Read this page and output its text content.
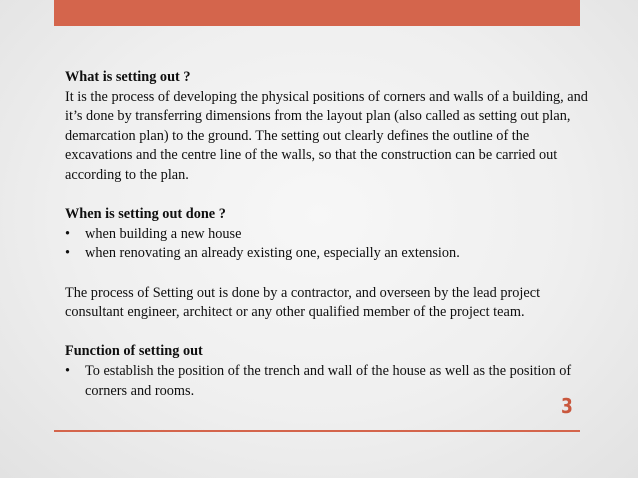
What is setting out ?

It is the process of developing the physical positions of corners and walls of a building, and it’s done by transferring dimensions from the layout plan (also called as setting out plan, demarcation plan) to the ground. The setting out clearly defines the outline of the excavations and the centre line of the walls, so that the construction can be carried out according to the plan.

When is setting out done ?

• when building a new house
• when renovating an already existing one, especially an extension.

The process of Setting out is done by a contractor, and overseen by the lead project consultant engineer, architect or any other qualified member of the project team.

Function of setting out

• To establish the position of the trench and wall of the house as well as the position of corners and rooms.
3
